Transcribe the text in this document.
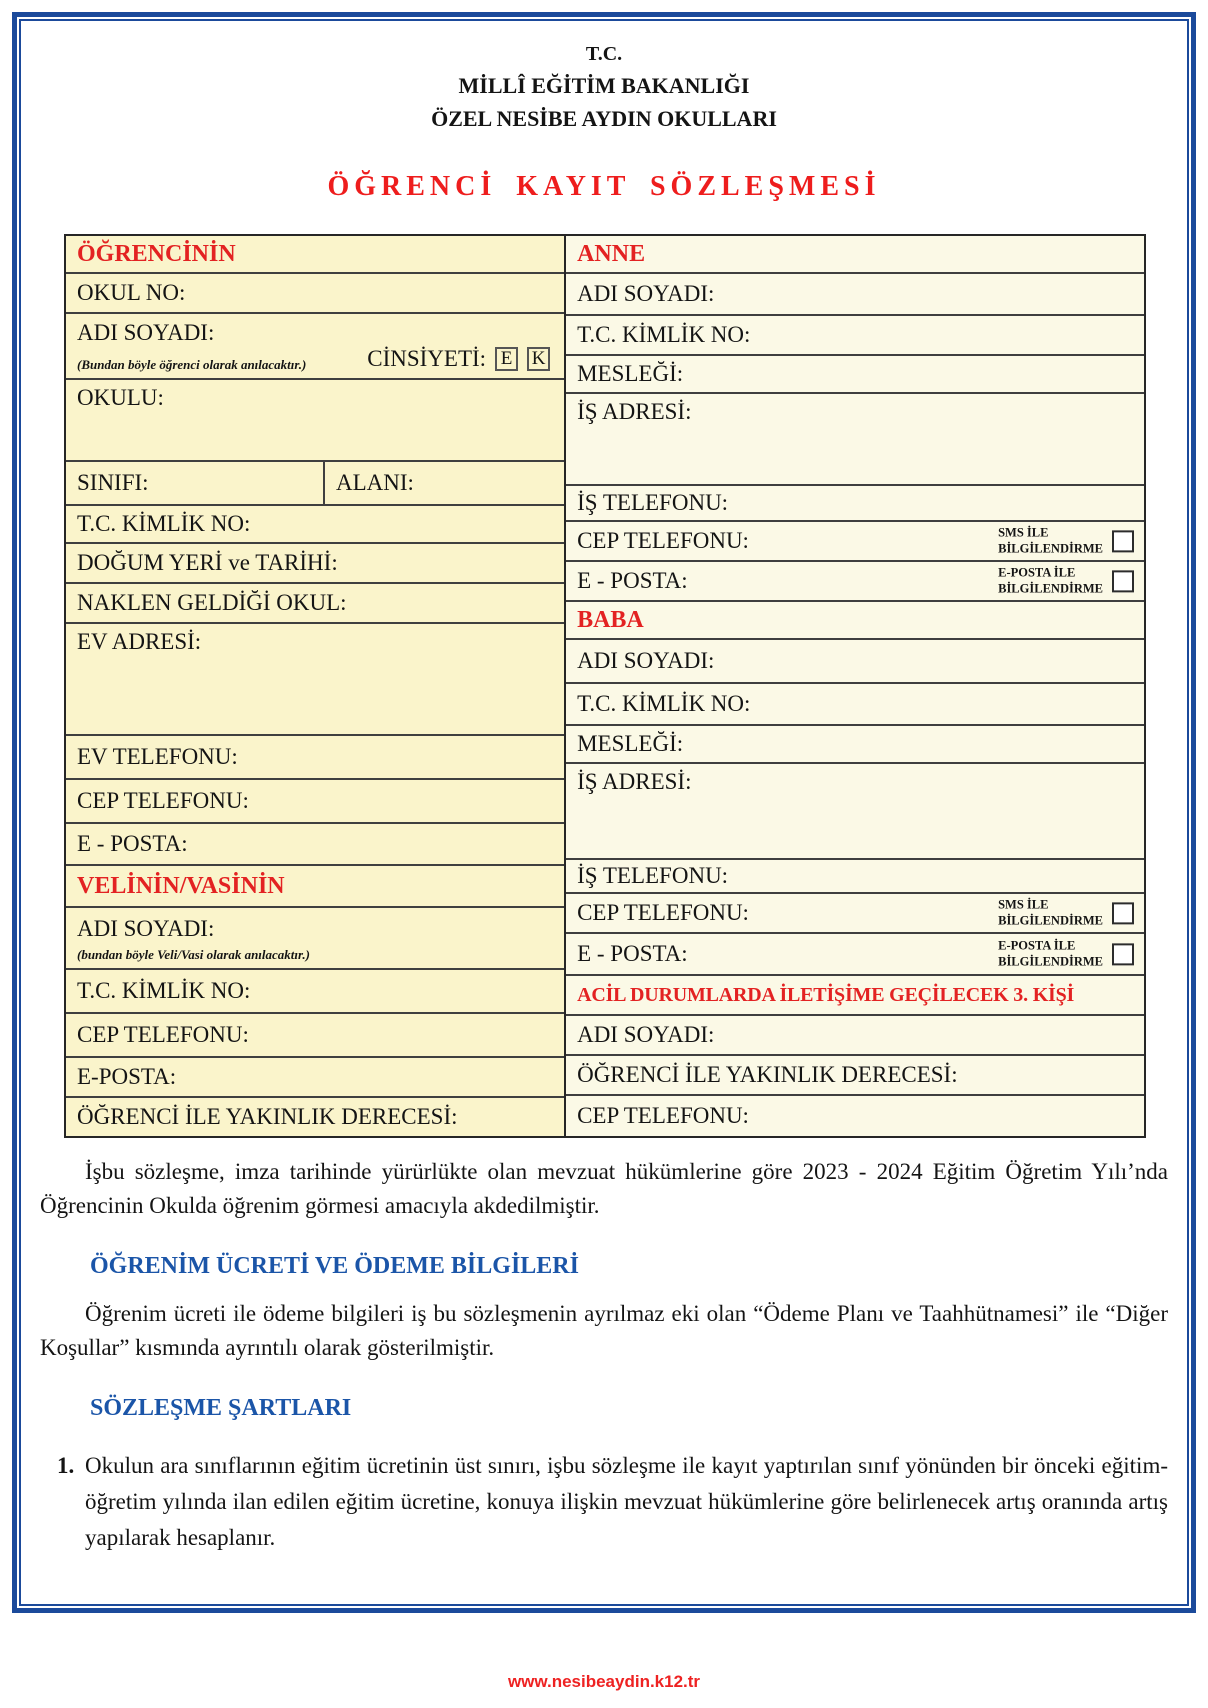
T.C.
MİLLÎ EĞİTİM BAKANLIĞI
ÖZEL NESİBE AYDIN OKULLARI
ÖĞRENCİ KAYIT SÖZLEŞMESİ
ÖĞRENCİNİN
OKUL NO:
ADI SOYADI:
CİNSİYETİ: E	K
(Bundan böyle öğrenci olarak anılacaktır.)
OKULU:
SINIFI:	ALANI:
T.C. KİMLİK NO:
DOĞUM YERİ ve TARİHİ:
NAKLEN GELDİĞİ OKUL:
EV ADRESİ:
EV TELEFONU:
CEP TELEFONU:
E - POSTA:
VELİNİN/VASİNİN
ADI SOYADI:
(bundan böyle Veli/Vasi olarak anılacaktır.)
T.C. KİMLİK NO:
CEP TELEFONU:
E-POSTA:
ÖĞRENCİ İLE YAKINLIK DERECESİ:
ANNE
ADI SOYADI:
T.C. KİMLİK NO:
MESLEĞİ:
İŞ ADRESİ:
İŞ TELEFONU:
CEP TELEFONU:	SMS İLE
BİLGİLENDİRME
E - POSTA:	E-POSTA İLE
BİLGİLENDİRME
BABA
ADI SOYADI:
T.C. KİMLİK NO:
MESLEĞİ:
İŞ ADRESİ:
İŞ TELEFONU:
CEP TELEFONU:	SMS İLE
BİLGİLENDİRME
E - POSTA:	E-POSTA İLE
BİLGİLENDİRME
ACİL DURUMLARDA İLETİŞİME GEÇİLECEK 3. KİŞİ
ADI SOYADI:
ÖĞRENCİ İLE YAKINLIK DERECESİ:
CEP TELEFONU:

İşbu sözleşme, imza tarihinde yürürlükte olan mevzuat hükümlerine göre 2023 - 2024 Eğitim Öğretim Yılı’nda Öğrencinin Okulda öğrenim görmesi amacıyla akdedilmiştir.

ÖĞRENİM ÜCRETİ VE ÖDEME BİLGİLERİ

Öğrenim ücreti ile ödeme bilgileri iş bu sözleşmenin ayrılmaz eki olan “Ödeme Planı ve Taahhütnamesi” ile “Diğer Koşullar” kısmında ayrıntılı olarak gösterilmiştir.

SÖZLEŞME ŞARTLARI
1. Okulun ara sınıflarının eğitim ücretinin üst sınırı, işbu sözleşme ile kayıt yaptırılan sınıf yönünden bir önceki eğitim-öğretim yılında ilan edilen eğitim ücretine, konuya ilişkin mevzuat hükümlerine göre belirlenecek artış oranında artış yapılarak hesaplanır.
www.nesibeaydin.k12.tr
